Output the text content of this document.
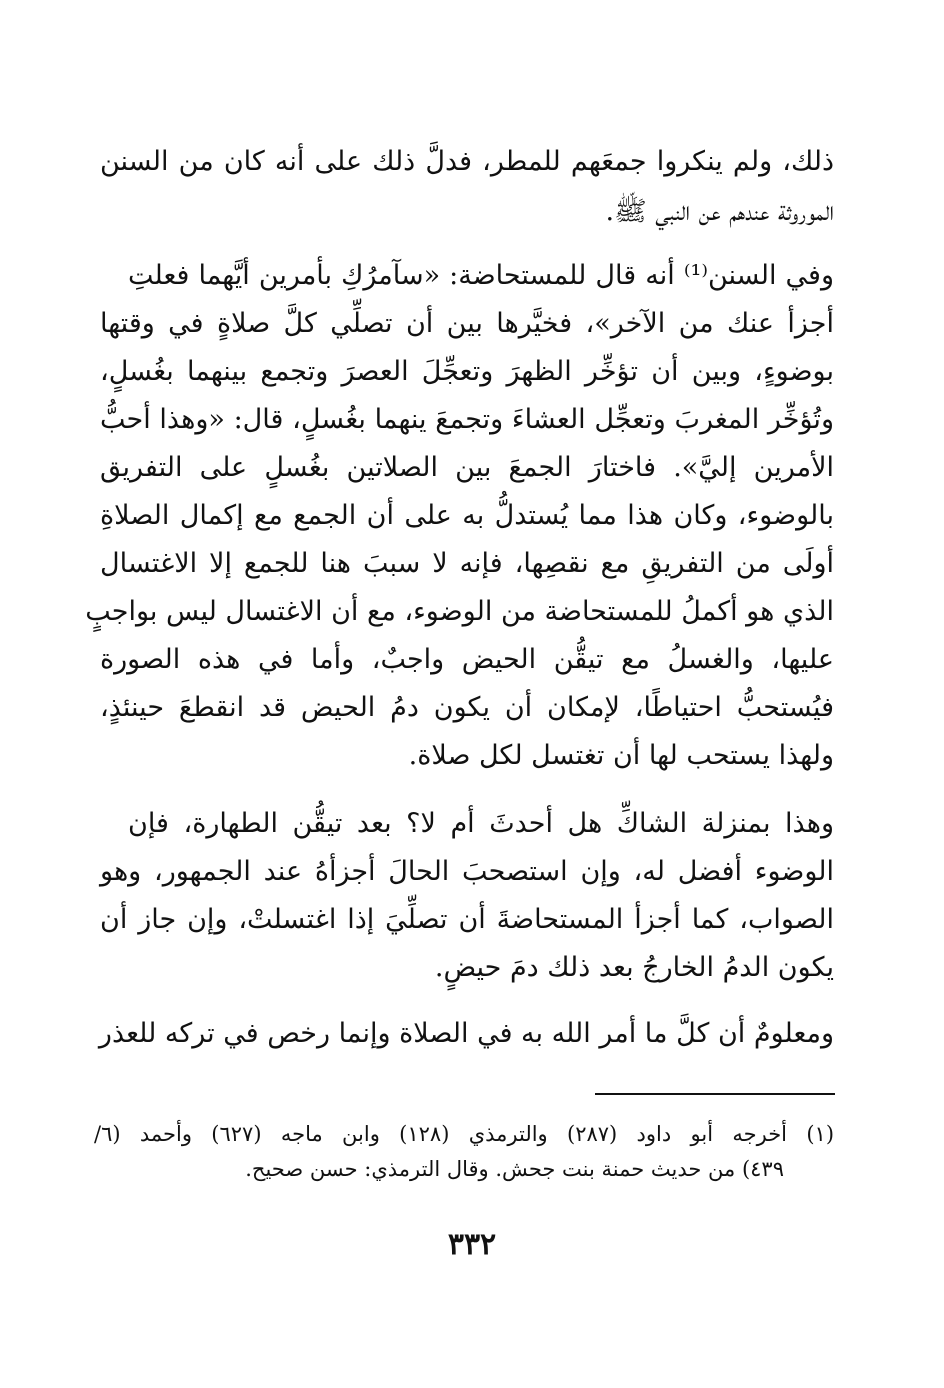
ذلك، ولم ينكروا جمعَهم للمطر، فدلَّ ذلك على أنه كان من السنن
الموروثة عندهم عن النبي ﷺ.
وفي السنن⁽¹⁾ أنه قال للمستحاضة: «سآمرُكِ بأمرين أيَّهما فعلتِ
أجزأ عنك من الآخر»، فخيَّرها بين أن تصلِّي كلَّ صلاةٍ في وقتها
بوضوءٍ، وبين أن تؤخِّر الظهرَ وتعجِّلَ العصرَ وتجمع بينهما بغُسلٍ،
وتُؤخِّر المغربَ وتعجِّل العشاءَ وتجمعَ ينهما بغُسلٍ، قال: «وهذا أحبُّ
الأمرين إليَّ». فاختارَ الجمعَ بين الصلاتين بغُسلٍ على التفريق
بالوضوء، وكان هذا مما يُستدلُّ به على أن الجمع مع إكمال الصلاةِ
أولَى من التفريقِ مع نقصِها، فإنه لا سببَ هنا للجمع إلا الاغتسال
الذي هو أكملُ للمستحاضة من الوضوء، مع أن الاغتسال ليس بواجبٍ
عليها، والغسلُ مع تيقُّن الحيض واجبٌ، وأما في هذه الصورة
فيُستحبُّ احتياطًا، لإمكان أن يكون دمُ الحيض قد انقطعَ حينئذٍ،
ولهذا يستحب لها أن تغتسل لكل صلاة.
وهذا بمنزلة الشاكِّ هل أحدثَ أم لا؟ بعد تيقُّن الطهارة، فإن
الوضوء أفضل له، وإن استصحبَ الحالَ أجزأهُ عند الجمهور، وهو
الصواب، كما أجزأ المستحاضةَ أن تصلِّيَ إذا اغتسلتْ، وإن جاز أن
يكون الدمُ الخارجُ بعد ذلك دمَ حيضٍ.
ومعلومٌ أن كلَّ ما أمر الله به في الصلاة وإنما رخص في تركه للعذر
(١) أخرجه أبو داود (٢٨٧) والترمذي (١٢٨) وابن ماجه (٦٢٧) وأحمد (٦/
٤٣٩) من حديث حمنة بنت جحش. وقال الترمذي: حسن صحيح.
٣٣٢
